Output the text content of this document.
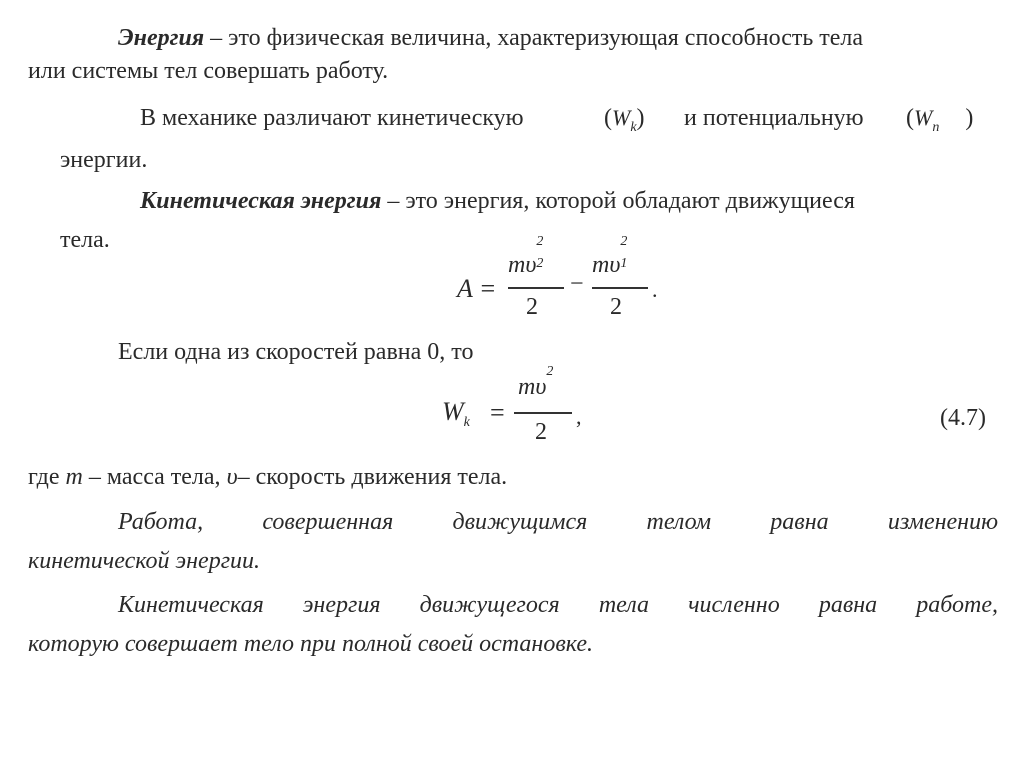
Энергия – это физическая величина, характеризующая способность тела
или системы тел совершать работу.
В механике различают кинетическую	$(W_k)$ и потенциальную ($W_п$ )
энергии.
Кинетическая энергия – это энергия, которой обладают движущиеся
тела.
A =
mυ
2
2
2
−
mυ
2
1
2
.
Если одна из скоростей равна 0, то
$W_k$ =
$m\upsilon^2$
2
,	(4.7)
где m – масса тела, υ– скорость движения тела.
Работа, совершенная движущимся телом равна изменению
кинетической энергии.
Кинетическая энергия движущегося тела численно равна работе,
которую совершает тело при полной своей остановке.
